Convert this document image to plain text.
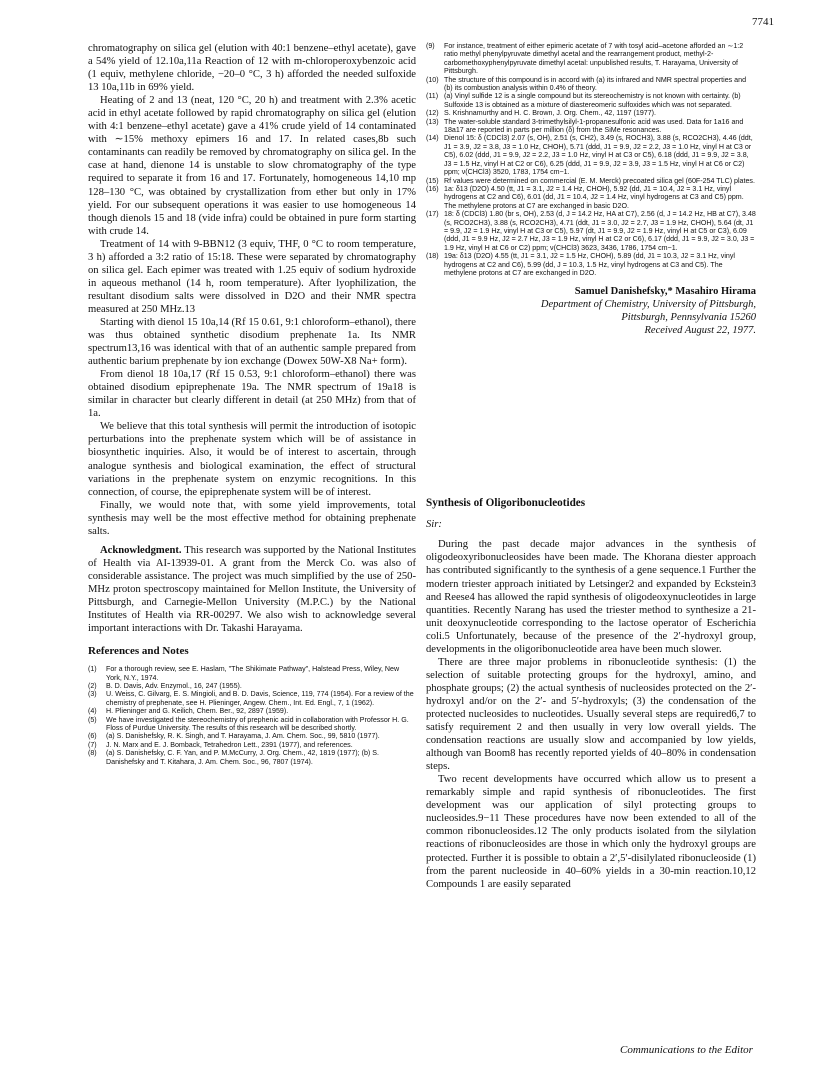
7741

chromatography on silica gel (elution with 40:1 benzene–ethyl acetate), gave a 54% yield of 12.10a,11a Reaction of 12 with m-chloroperoxybenzoic acid (1 equiv, methylene chloride, −20–0 °C, 3 h) afforded the needed sulfoxide 13 10a,11b in 69% yield.

Heating of 2 and 13 (neat, 120 °C, 20 h) and treatment with 2.3% acetic acid in ethyl acetate followed by rapid chromatography on silica gel (elution with 4:1 benzene–ethyl acetate) gave a 41% crude yield of 14 contaminated with ∼15% methoxy epimers 16 and 17. In related cases,8b such contaminants can readily be removed by chromatography on silica gel. In the case at hand, dienone 14 is unstable to slow chromatography of the type required to separate it from 16 and 17. Fortunately, homogeneous 14,10 mp 128–130 °C, was obtained by crystallization from ether but only in 17% yield. For our subsequent operations it was easier to use homogeneous 14 though dienols 15 and 18 (vide infra) could be obtained in pure form starting with crude 14.

Treatment of 14 with 9-BBN12 (3 equiv, THF, 0 °C to room temperature, 3 h) afforded a 3:2 ratio of 15:18. These were separated by chromatography on silica gel. Each epimer was treated with 1.25 equiv of sodium hydroxide in aqueous methanol (14 h, room temperature). After lyophilization, the resultant disodium salts were dissolved in D2O and their NMR spectra measured at 250 MHz.13

Starting with dienol 15 10a,14 (Rf 15 0.61, 9:1 chloroform–ethanol), there was thus obtained synthetic disodium prephenate 1a. Its NMR spectrum13,16 was identical with that of an authentic sample prepared from authentic barium prephenate by ion exchange (Dowex 50W-X8 Na+ form).

From dienol 18 10a,17 (Rf 15 0.53, 9:1 chloroform–ethanol) there was obtained disodium epiprephenate 19a. The NMR spectrum of 19a18 is similar in character but clearly different in detail (at 250 MHz) from that of 1a.

We believe that this total synthesis will permit the introduction of isotopic perturbations into the prephenate system which will be of assistance in biosynthetic inquiries. Also, it would be of interest to ascertain, through analogue synthesis and biological examination, the effect of structural variations in the prephenate system on enzymic recognitions. In this connection, of course, the epiprephenate system will be of interest.

Finally, we would note that, with some yield improvements, total synthesis may well be the most effective method for obtaining prephenate salts.

Acknowledgment. This research was supported by the National Institutes of Health via AI-13939-01. A grant from the Merck Co. was also of considerable assistance. The project was much simplified by the use of 250-MHz proton spectroscopy maintained for Mellon Institute, the University of Pittsburgh, and Carnegie-Mellon University (M.P.C.) by the National Institutes of Health via RR-00297. We also wish to acknowledge several important interactions with Dr. Takashi Harayama.

References and Notes
(1) For a thorough review, see E. Haslam, "The Shikimate Pathway", Halstead Press, Wiley, New York, N.Y., 1974.
(2) B. D. Davis, Adv. Enzymol., 16, 247 (1955).
(3) U. Weiss, C. Gilvarg, E. S. Mingioli, and B. D. Davis, Science, 119, 774 (1954). For a review of the chemistry of prephenate, see H. Plieninger, Angew. Chem., Int. Ed. Engl., 7, 1 (1962).
(4) H. Plieninger and G. Keilich, Chem. Ber., 92, 2897 (1959).
(5) We have investigated the stereochemistry of prephenic acid in collaboration with Professor H. G. Floss of Purdue University. The results of this research will be described shortly.
(6) (a) S. Danishefsky, R. K. Singh, and T. Harayama, J. Am. Chem. Soc., 99, 5810 (1977).
(7) J. N. Marx and E. J. Bomback, Tetrahedron Lett., 2391 (1977), and references.
(8) (a) S. Danishefsky, C. F. Yan, and P. M.McCurry, J. Org. Chem., 42, 1819 (1977); (b) S. Danishefsky and T. Kitahara, J. Am. Chem. Soc., 96, 7807 (1974).
(9) For instance, treatment of either epimeric acetate of 7 with tosyl acid–acetone afforded an ∼1:2 ratio methyl phenylpyruvate dimethyl acetal and the rearrangement product, methyl-2-carbomethoxyphenylpyruvate dimethyl acetal: unpublished results, T. Harayama, University of Pittsburgh.
(10) The structure of this compound is in accord with (a) its infrared and NMR spectral properties and (b) its combustion analysis within 0.4% of theory.
(11) (a) Vinyl sulfide 12 is a single compound but its stereochemistry is not known with certainty. (b) Sulfoxide 13 is obtained as a mixture of diastereomeric sulfoxides which was not separated.
(12) S. Krishnamurthy and H. C. Brown, J. Org. Chem., 42, 1197 (1977).
(13) The water-soluble standard 3-trimethylsilyl-1-propanesulfonic acid was used. Data for 1a16 and 18a17 are reported in parts per million (δ) from the SiMe resonances.
(14) Dienol 15: δ (CDCl3) 2.07 (s, OH), 2.51 (s, CH2), 3.49 (s, ROCH3), 3.88 (s, RCO2CH3), 4.46 (ddt, J1 = 3.9, J2 = 3.8, J3 = 1.0 Hz, CHOH), 5.71 (ddd, J1 = 9.9, J2 = 2.2, J3 = 1.0 Hz, vinyl H at C3 or C5), 6.02 (ddd, J1 = 9.9, J2 = 2.2, J3 = 1.0 Hz, vinyl H at C3 or C5), 6.18 (ddd, J1 = 9.9, J2 = 3.8, J3 = 1.5 Hz, vinyl H at C2 or C6), 6.25 (ddd, J1 = 9.9, J2 = 3.9, J3 = 1.5 Hz, vinyl H at C6 or C2) ppm; ν(CHCl3) 3520, 1783, 1754 cm−1.
(15) Rf values were determined on commercial (E. M. Merck) precoated silica gel (60F-254 TLC) plates.
(16) 1a: δ13 (D2O) 4.50 (tt, J1 = 3.1, J2 = 1.4 Hz, CHOH), 5.92 (dd, J1 = 10.4, J2 = 3.1 Hz, vinyl hydrogens at C2 and C6), 6.01 (dd, J1 = 10.4, J2 = 1.4 Hz, vinyl hydrogens at C3 and C5) ppm. The methylene protons at C7 are exchanged in basic D2O.
(17) 18: δ (CDCl3) 1.80 (br s, OH), 2.53 (d, J = 14.2 Hz, HA at C7), 2.56 (d, J = 14.2 Hz, HB at C7), 3.48 (s, RCO2CH3), 3.88 (s, RCO2CH3), 4.71 (ddt, J1 = 3.0, J2 = 2.7, J3 = 1.9 Hz, CHOH), 5.64 (dt, J1 = 9.9, J2 = 1.9 Hz, vinyl H at C3 or C5), 5.97 (dt, J1 = 9.9, J2 = 1.9 Hz, vinyl H at C5 or C3), 6.09 (ddd, J1 = 9.9 Hz, J2 = 2.7 Hz, J3 = 1.9 Hz, vinyl H at C2 or C6), 6.17 (ddd, J1 = 9.9, J2 = 3.0, J3 = 1.9 Hz, vinyl H at C6 or C2) ppm; ν(CHCl3) 3623, 3436, 1786, 1754 cm−1.
(18) 19a: δ13 (D2O) 4.55 (tt, J1 = 3.1, J2 = 1.5 Hz, CHOH), 5.89 (dd, J1 = 10.3, J2 = 3.1 Hz, vinyl hydrogens at C2 and C6), 5.99 (dd, J = 10.3, 1.5 Hz, vinyl hydrogens at C3 and C5). The methylene protons at C7 are exchanged in D2O.
Samuel Danishefsky,* Masahiro Hirama
Department of Chemistry, University of Pittsburgh,
Pittsburgh, Pennsylvania 15260
Received August 22, 1977.
Synthesis of Oligoribonucleotides
Sir:

During the past decade major advances in the synthesis of oligodeoxyribonucleosides have been made. The Khorana diester approach has contributed significantly to the synthesis of a gene sequence.1 Further the modern triester approach initiated by Letsinger2 and expanded by Eckstein3 and Reese4 has allowed the rapid synthesis of oligodeoxynucleotides in large quantities. Recently Narang has used the triester method to synthesize a 21-unit deoxynucleotide corresponding to the lactose operator of Escherichia coli.5 Unfortunately, because of the presence of the 2′-hydroxyl group, developments in the oligoribonucleotide area have been much slower.

There are three major problems in ribonucleotide synthesis: (1) the selection of suitable protecting groups for the hydroxyl, amino, and phosphate groups; (2) the actual synthesis of nucleosides protected on the 2′-hydroxyl and/or on the 2′- and 5′-hydroxyls; (3) the condensation of the protected nucleosides to nucleotides. Usually several steps are required6,7 to satisfy requirement 2 and then usually in very low overall yields. The condensation reactions are usually slow and accompanied by low yields, although van Boom8 has recently reported yields of 40–80% in condensation steps.

Two recent developments have occurred which allow us to present a remarkably simple and rapid synthesis of ribonucleotides. The first development was our application of silyl protecting groups to nucleosides.9−11 These procedures have now been extended to all of the common ribonucleosides.12 The only products isolated from the silylation reactions of ribonucleosides are those in which only the hydroxyl groups are protected. Further it is possible to obtain a 2′,5′-disilylated ribonucleoside (1) from the parent nucleoside in 40–60% yields in a 30-min reaction.10,12 Compounds 1 are easily separated

Communications to the Editor
